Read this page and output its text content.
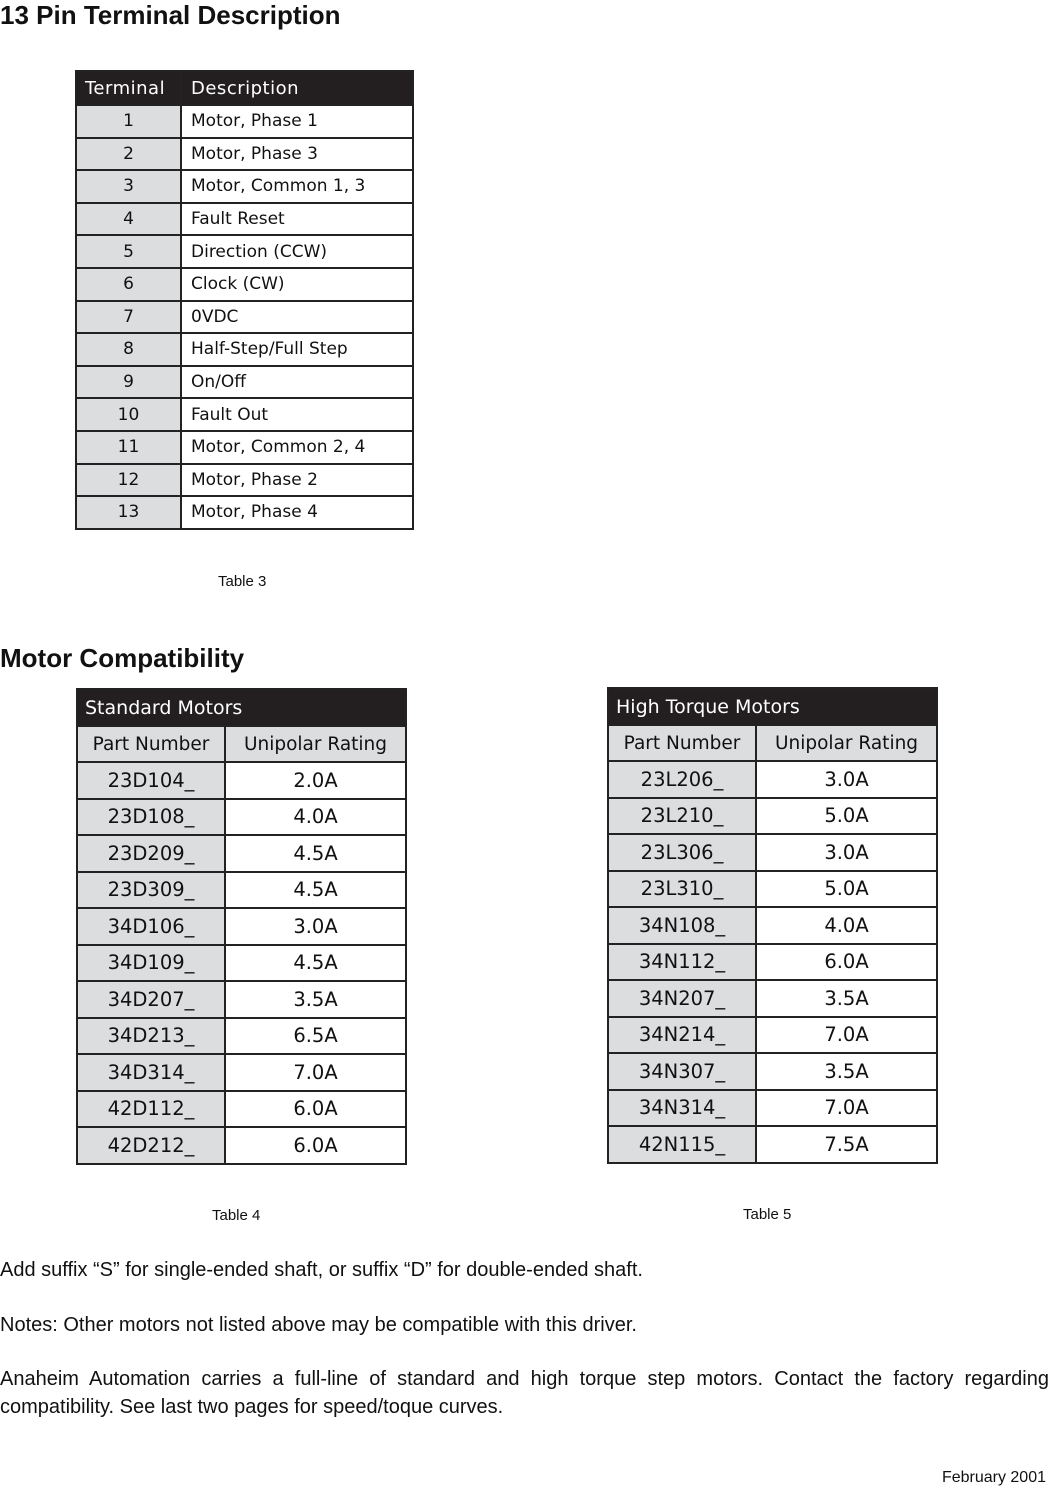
13 Pin Terminal Description
Terminal	Description
1	Motor, Phase 1
2	Motor, Phase 3
3	Motor, Common 1, 3
4	Fault Reset
5	Direction (CCW)
6	Clock (CW)
7	0VDC
8	Half-Step/Full Step
9	On/Off
10	Fault Out
11	Motor, Common 2, 4
12	Motor, Phase 2
13	Motor, Phase 4
Table 3
Motor Compatibility
Standard Motors	
Part Number	Unipolar Rating
23D104_	2.0A
23D108_	4.0A
23D209_	4.5A
23D309_	4.5A
34D106_	3.0A
34D109_	4.5A
34D207_	3.5A
34D213_	6.5A
34D314_	7.0A
42D112_	6.0A
42D212_	6.0A
Table 4
High Torque Motors	
Part Number	Unipolar Rating
23L206_	3.0A
23L210_	5.0A
23L306_	3.0A
23L310_	5.0A
34N108_	4.0A
34N112_	6.0A
34N207_	3.5A
34N214_	7.0A
34N307_	3.5A
34N314_	7.0A
42N115_	7.5A
Table 5

Add suffix “S” for single-ended shaft, or suffix “D” for double-ended shaft.

Notes: Other motors not listed above may be compatible with this driver.

Anaheim Automation carries a full-line of standard and high torque step motors. Contact the factory regarding compatibility. See last two pages for speed/toque curves.

February 2001
